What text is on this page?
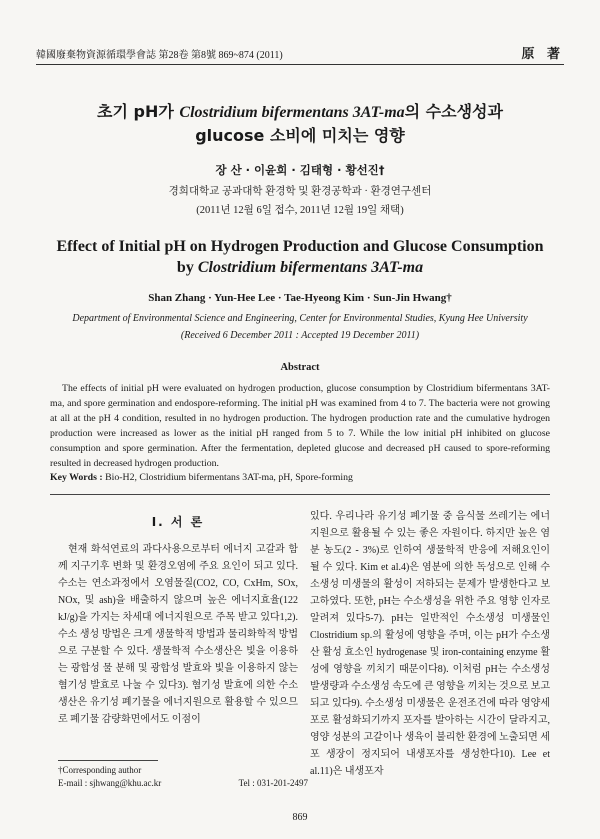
韓國廢棄物資源循環學會誌 第28卷 第8號 869~874 (2011)	原 著
초기 pH가 Clostridium bifermentans 3AT-ma의 수소생성과
glucose 소비에 미치는 영향
장 산 · 이윤희 · 김태형 · 황선진†
경희대학교 공과대학 환경학 및 환경공학과 · 환경연구센터
(2011년 12월 6일 접수, 2011년 12월 19일 채택)
Effect of Initial pH on Hydrogen Production and Glucose Consumption
by Clostridium bifermentans 3AT-ma
Shan Zhang · Yun-Hee Lee · Tae-Hyeong Kim · Sun-Jin Hwang†
Department of Environmental Science and Engineering, Center for Environmental Studies, Kyung Hee University
(Received 6 December 2011 : Accepted 19 December 2011)
Abstract

The effects of initial pH were evaluated on hydrogen production, glucose consumption by Clostridium bifermentans 3AT-ma, and spore germination and endospore-reforming. The initial pH was examined from 4 to 7. The bacteria were not growing at all at the pH 4 condition, resulted in no hydrogen production. The hydrogen production rate and the cumulative hydrogen production were increased as lower as the initial pH ranged from 5 to 7. While the low initial pH inhibited on glucose consumption and spore germination. After the fermentation, depleted glucose and decreased pH caused to spore-reforming resulted in decreased hydrogen production.

Key Words : Bio-H2, Clostridium bifermentans 3AT-ma, pH, Spore-forming
I. 서 론

현재 화석연료의 과다사용으로부터 에너지 고갈과 함께 지구기후 변화 및 환경오염에 주요 요인이 되고 있다. 수소는 연소과정에서 오염물질(CO2, CO, CxHm, SOx, NOx, 및 ash)을 배출하지 않으며 높은 에너지효율(122 kJ/g)을 가지는 차세대 에너지원으로 주목 받고 있다1,2). 수소 생성 방법은 크게 생물학적 방법과 물리화학적 방법으로 구분할 수 있다. 생물학적 수소생산은 빛을 이용하는 광합성 물 분해 및 광합성 발효와 빛을 이용하지 않는 혐기성 발효로 나눌 수 있다3). 혐기성 발효에 의한 수소생산은 유기성 폐기물을 에너지원으로 활용할 수 있으므로 폐기물 감량화면에서도 이점이

있다. 우리나라 유기성 폐기물 중 음식물 쓰레기는 에너지원으로 활용될 수 있는 좋은 자원이다. 하지만 높은 염분 농도(2 - 3%)로 인하여 생물학적 반응에 저해요인이 될 수 있다. Kim et al.4)은 염분에 의한 독성으로 인해 수소생성 미생물의 활성이 저하되는 문제가 발생한다고 보고하였다. 또한, pH는 수소생성을 위한 주요 영향 인자로 알려져 있다5-7). pH는 일반적인 수소생성 미생물인 Clostridium sp.의 활성에 영향을 주며, 이는 pH가 수소생산 활성 효소인 hydrogenase 및 iron-containing enzyme 활성에 영향을 끼치기 때문이다8). 이처럼 pH는 수소생성 발생량과 수소생성 속도에 큰 영향을 끼치는 것으로 보고되고 있다9). 수소생성 미생물은 운전조건에 따라 영양세포로 활성화되기까지 포자를 발아하는 시간이 달라지고, 영양 성분의 고갈이나 생육이 불리한 환경에 노출되면 세포 생장이 정지되어 내생포자를 생성한다10). Lee et al.11)은 내생포자

†Corresponding author
E-mail : sjhwang@khu.ac.kr	Tel : 031-201-2497
869
